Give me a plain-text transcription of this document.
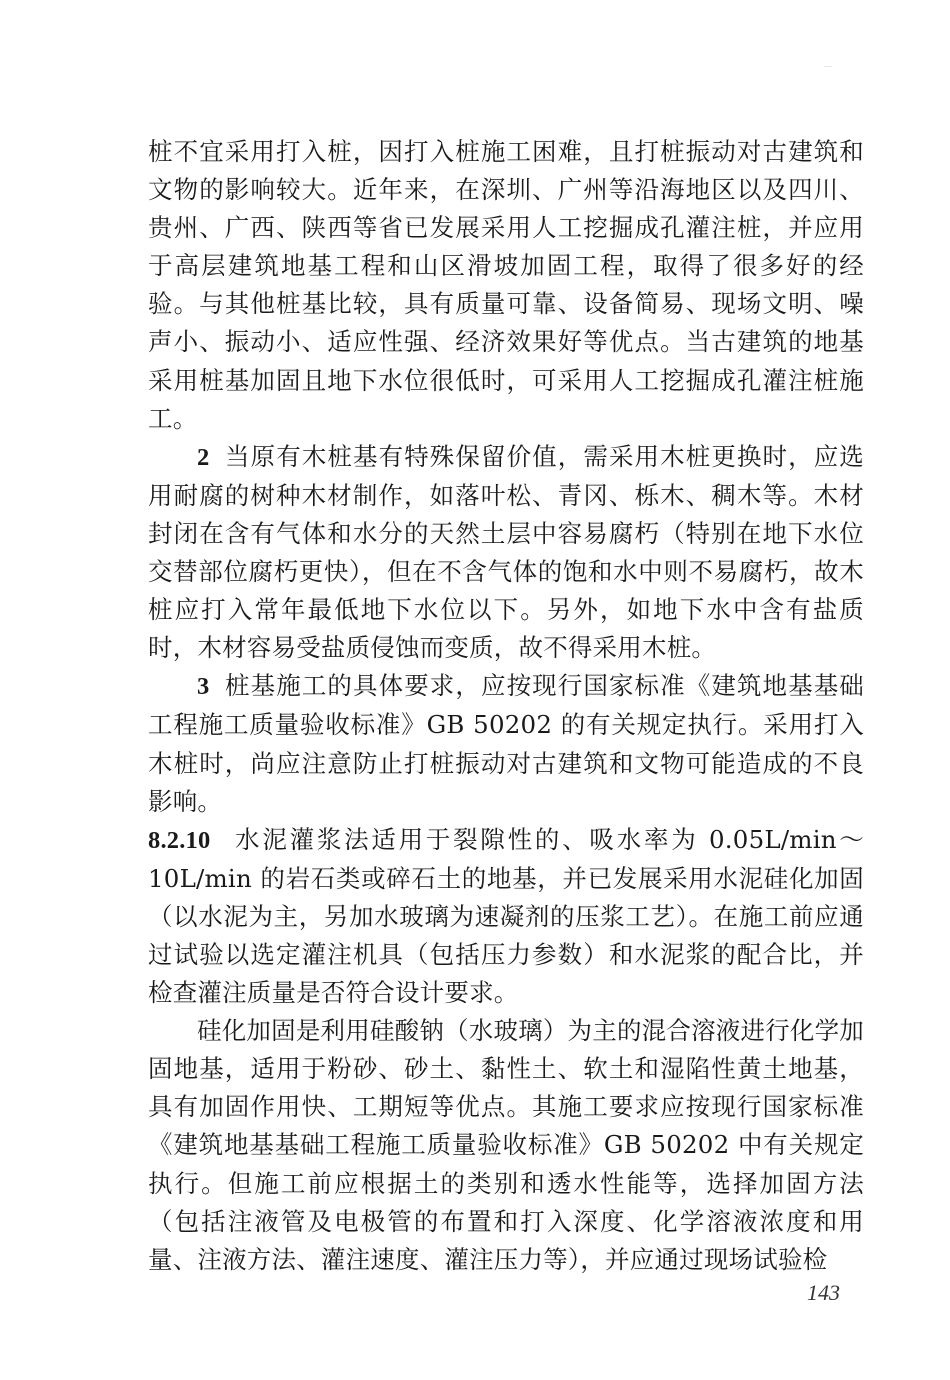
桩不宜采用打入桩，因打入桩施工困难，且打桩振动对古建筑和文物的影响较大。近年来，在深圳、广州等沿海地区以及四川、贵州、广西、陕西等省已发展采用人工挖掘成孔灌注桩，并应用于高层建筑地基工程和山区滑坡加固工程，取得了很多好的经验。与其他桩基比较，具有质量可靠、设备简易、现场文明、噪声小、振动小、适应性强、经济效果好等优点。当古建筑的地基采用桩基加固且地下水位很低时，可采用人工挖掘成孔灌注桩施工。

2 当原有木桩基有特殊保留价值，需采用木桩更换时，应选用耐腐的树种木材制作，如落叶松、青冈、栎木、稠木等。木材封闭在含有气体和水分的天然土层中容易腐朽（特别在地下水位交替部位腐朽更快），但在不含气体的饱和水中则不易腐朽，故木桩应打入常年最低地下水位以下。另外，如地下水中含有盐质时，木材容易受盐质侵蚀而变质，故不得采用木桩。

3 桩基施工的具体要求，应按现行国家标准《建筑地基基础工程施工质量验收标准》GB 50202 的有关规定执行。采用打入木桩时，尚应注意防止打桩振动对古建筑和文物可能造成的不良影响。

8.2.10 水泥灌浆法适用于裂隙性的、吸水率为 0.05L/min～10L/min 的岩石类或碎石土的地基，并已发展采用水泥硅化加固（以水泥为主，另加水玻璃为速凝剂的压浆工艺）。在施工前应通过试验以选定灌注机具（包括压力参数）和水泥浆的配合比，并检查灌注质量是否符合设计要求。

硅化加固是利用硅酸钠（水玻璃）为主的混合溶液进行化学加固地基，适用于粉砂、砂土、黏性土、软土和湿陷性黄土地基，具有加固作用快、工期短等优点。其施工要求应按现行国家标准《建筑地基基础工程施工质量验收标准》GB 50202 中有关规定执行。但施工前应根据土的类别和透水性能等，选择加固方法（包括注液管及电极管的布置和打入深度、化学溶液浓度和用量、注液方法、灌注速度、灌注压力等），并应通过现场试验检

143
